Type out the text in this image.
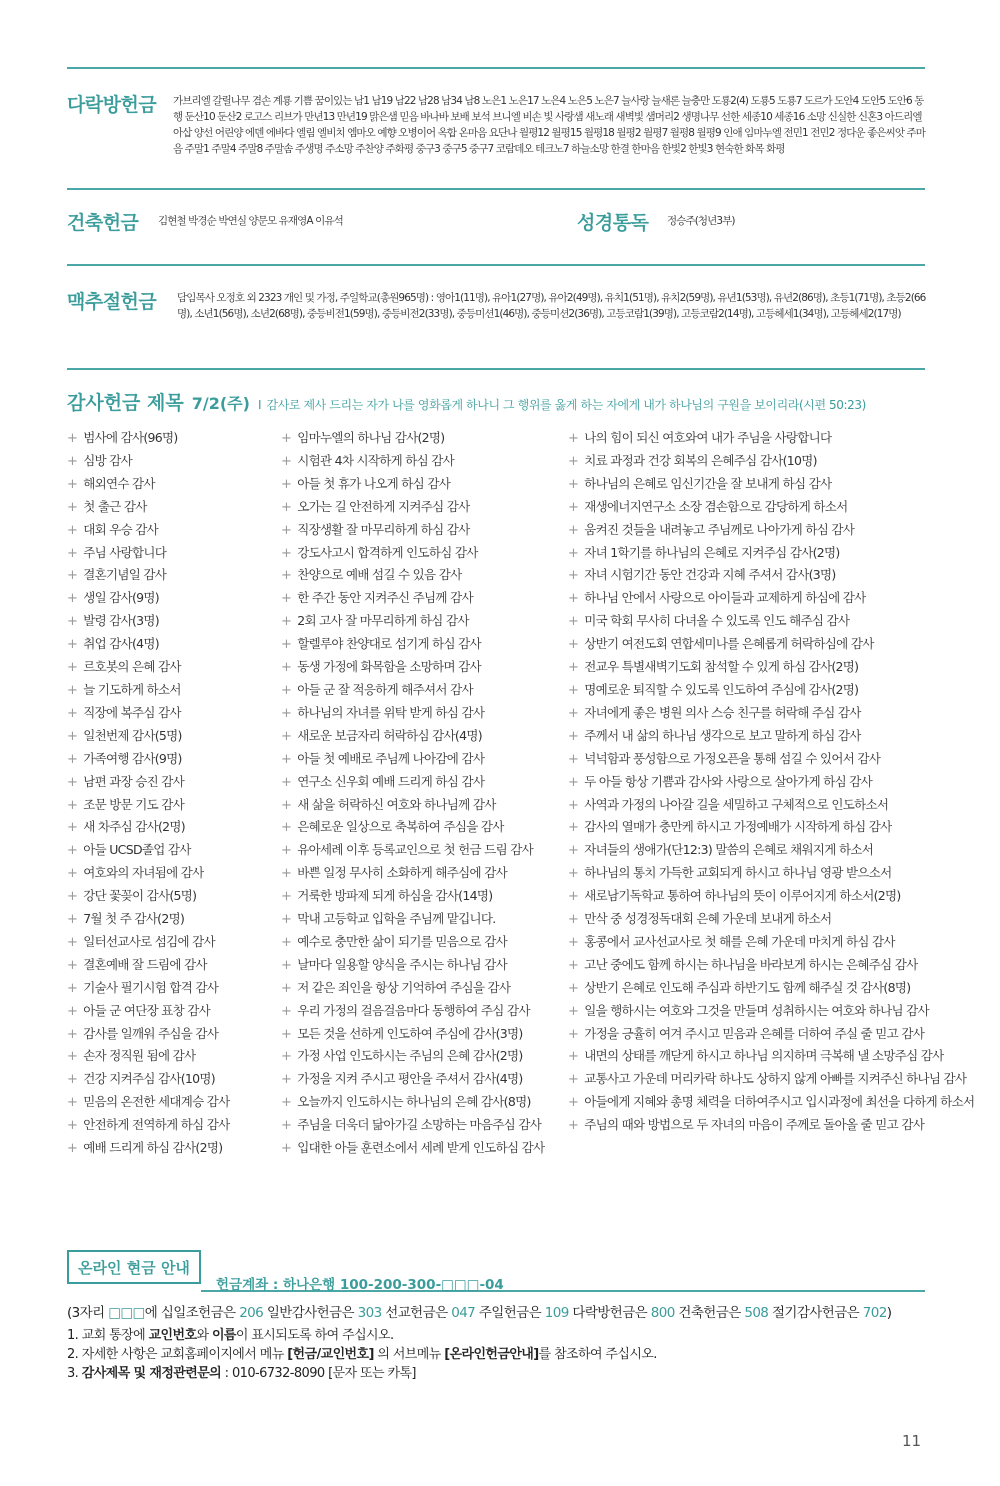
다락방헌금 가브리엘 갈릴나무 겸손 계룡 기쁨 꿈이있는 남1 남19 남22 남28 남34 남8 노은1 노은17 노은4 노은5 노은7 늘사랑 늘새론 늘충만 도룡2(4) 도룡5 도룡7 도르가 도안4 도안5 도안6 동행 둔산10 둔산2 로고스 리브가 만년13 만년19 맑은샘 믿음 바나바 보배 보석 브니엘 비손 빛 사랑샘 새노래 새벽빛 샘머리2 생명나무 선한 세종10 세종16 소망 신실한 신혼3 아드리엘 아삽 양선 어린양 에덴 에바다 엘림 엘비치 엠마오 예향 오병이어 옥합 온마음 요단나 월평12 월평15 월평18 월평2 월평7 월평8 월평9 인애 임마누엘 전민1 전민2 정다운 좋은씨앗 주마음 주말1 주말4 주말8 주말솜 주생명 주소망 주찬양 주화평 중구3 중구5 중구7 코람데오 테크노7 하늘소망 한결 한마음 한빛2 한빛3 현숙한 화목 화평
건축헌금 김현철 박경순 박연실 양문모 유재영A 이유석	성경통독 정승주(청년3부)
맥추절헌금 담임목사 오정호 외 2323 개인 및 가정, 주일학교(총원965명) : 영아1(11명), 유아1(27명), 유아2(49명), 유치1(51명), 유치2(59명), 유년1(53명), 유년2(86명), 초등1(71명), 초등2(66명), 소년1(56명), 소년2(68명), 중등비전1(59명), 중등비전2(33명), 중등미션1(46명), 중등미션2(36명), 고등코람1(39명), 고등코람2(14명), 고등헤세1(34명), 고등헤세2(17명)
감사헌금 제목 7/2(주) I 감사로 제사 드리는 자가 나를 영화롭게 하나니 그 행위를 옳게 하는 자에게 내가 하나님의 구원을 보이리라(시편 50:23)
+ 범사에 감사(96명)
+ 심방 감사
+ 해외연수 감사
+ 첫 출근 감사
+ 대회 우승 감사
+ 주님 사랑합니다
+ 결혼기념일 감사
+ 생일 감사(9명)
+ 발령 감사(3명)
+ 취업 감사(4명)
+ 르호봇의 은혜 감사
+ 늘 기도하게 하소서
+ 직장에 복주심 감사
+ 일천번제 감사(5명)
+ 가족여행 감사(9명)
+ 남편 과장 승진 감사
+ 조문 방문 기도 감사
+ 새 차주심 감사(2명)
+ 아들 UCSD졸업 감사
+ 여호와의 자녀됨에 감사
+ 강단 꽃꽂이 감사(5명)
+ 7월 첫 주 감사(2명)
+ 일터선교사로 섬김에 감사
+ 결혼예배 잘 드림에 감사
+ 기술사 필기시험 합격 감사
+ 아들 군 여단장 표창 감사
+ 감사를 일깨워 주심을 감사
+ 손자 정직원 됨에 감사
+ 건강 지켜주심 감사(10명)
+ 믿음의 온전한 세대계승 감사
+ 안전하게 전역하게 하심 감사
+ 예배 드리게 하심 감사(2명)
+ 임마누엘의 하나님 감사(2명)
+ 시험관 4차 시작하게 하심 감사
+ 아들 첫 휴가 나오게 하심 감사
+ 오가는 길 안전하게 지켜주심 감사
+ 직장생활 잘 마무리하게 하심 감사
+ 강도사고시 합격하게 인도하심 감사
+ 찬양으로 예배 섬길 수 있음 감사
+ 한 주간 동안 지켜주신 주님께 감사
+ 2회 고사 잘 마무리하게 하심 감사
+ 할렐루야 찬양대로 섬기게 하심 감사
+ 동생 가정에 화목함을 소망하며 감사
+ 아들 군 잘 적응하게 해주셔서 감사
+ 하나님의 자녀를 위탁 받게 하심 감사
+ 새로운 보금자리 허락하심 감사(4명)
+ 아들 첫 예배로 주님께 나아감에 감사
+ 연구소 신우회 예배 드리게 하심 감사
+ 새 삶을 허락하신 여호와 하나님께 감사
+ 은혜로운 일상으로 축복하여 주심을 감사
+ 유아세례 이후 등록교인으로 첫 헌금 드림 감사
+ 바쁜 일정 무사히 소화하게 해주심에 감사
+ 거룩한 방파제 되게 하심을 감사(14명)
+ 막내 고등학교 입학을 주님께 맡깁니다.
+ 예수로 충만한 삶이 되기를 믿음으로 감사
+ 날마다 일용할 양식을 주시는 하나님 감사
+ 저 같은 죄인을 항상 기억하여 주심을 감사
+ 우리 가정의 걸음걸음마다 동행하여 주심 감사
+ 모든 것을 선하게 인도하여 주심에 감사(3명)
+ 가정 사업 인도하시는 주님의 은혜 감사(2명)
+ 가정을 지켜 주시고 평안을 주셔서 감사(4명)
+ 오늘까지 인도하시는 하나님의 은혜 감사(8명)
+ 주님을 더욱더 닮아가길 소망하는 마음주심 감사
+ 입대한 아들 훈련소에서 세례 받게 인도하심 감사
+ 나의 힘이 되신 여호와여 내가 주님을 사랑합니다
+ 치료 과정과 건강 회복의 은혜주심 감사(10명)
+ 하나님의 은혜로 임신기간을 잘 보내게 하심 감사
+ 재생에너지연구소 소장 겸손함으로 감당하게 하소서
+ 움켜진 것들을 내려놓고 주님께로 나아가게 하심 감사
+ 자녀 1학기를 하나님의 은혜로 지켜주심 감사(2명)
+ 자녀 시험기간 동안 건강과 지혜 주셔서 감사(3명)
+ 하나님 안에서 사랑으로 아이들과 교제하게 하심에 감사
+ 미국 학회 무사히 다녀올 수 있도록 인도 해주심 감사
+ 상반기 여전도회 연합세미나를 은혜롭게 허락하심에 감사
+ 전교우 특별새벽기도회 참석할 수 있게 하심 감사(2명)
+ 명예로운 퇴직할 수 있도록 인도하여 주심에 감사(2명)
+ 자녀에게 좋은 병원 의사 스승 친구를 허락해 주심 감사
+ 주께서 내 삶의 하나님 생각으로 보고 말하게 하심 감사
+ 넉넉함과 풍성함으로 가정오픈을 통해 섬길 수 있어서 감사
+ 두 아들 항상 기쁨과 감사와 사랑으로 살아가게 하심 감사
+ 사역과 가정의 나아갈 길을 세밀하고 구체적으로 인도하소서
+ 감사의 열매가 충만케 하시고 가정예배가 시작하게 하심 감사
+ 자녀들의 생애가(단12:3) 말씀의 은혜로 채워지게 하소서
+ 하나님의 통치 가득한 교회되게 하시고 하나님 영광 받으소서
+ 새로남기독학교 통하여 하나님의 뜻이 이루어지게 하소서(2명)
+ 만삭 중 성경정독대회 은혜 가운데 보내게 하소서
+ 홍콩에서 교사선교사로 첫 해를 은혜 가운데 마치게 하심 감사
+ 고난 중에도 함께 하시는 하나님을 바라보게 하시는 은혜주심 감사
+ 상반기 은혜로 인도해 주심과 하반기도 함께 해주실 것 감사(8명)
+ 일을 행하시는 여호와 그것을 만들며 성취하시는 여호와 하나님 감사
+ 가정을 긍휼히 여겨 주시고 믿음과 은혜를 더하여 주실 줄 믿고 감사
+ 내면의 상태를 깨닫게 하시고 하나님 의지하며 극복해 낼 소망주심 감사
+ 교통사고 가운데 머리카락 하나도 상하지 않게 아빠를 지켜주신 하나님 감사
+ 아들에게 지혜와 총명 체력을 더하여주시고 입시과정에 최선을 다하게 하소서
+ 주님의 때와 방법으로 두 자녀의 마음이 주께로 돌아올 줄 믿고 감사
온라인 현금 안내
헌금계좌 : 하나은행 100-200-300-□□□-04
(3자리 □□□에 십일조헌금은 206 일반감사헌금은 303 선교헌금은 047 주일헌금은 109 다락방헌금은 800 건축헌금은 508 절기감사헌금은 702)
1. 교회 통장에 교인번호와 이름이 표시되도록 하여 주십시오.
2. 자세한 사항은 교회홈페이지에서 메뉴 [헌금/교인번호] 의 서브메뉴 [온라인헌금안내]를 참조하여 주십시오.
3. 감사제목 및 재정관련문의 : 010-6732-8090 [문자 또는 카톡]
11
